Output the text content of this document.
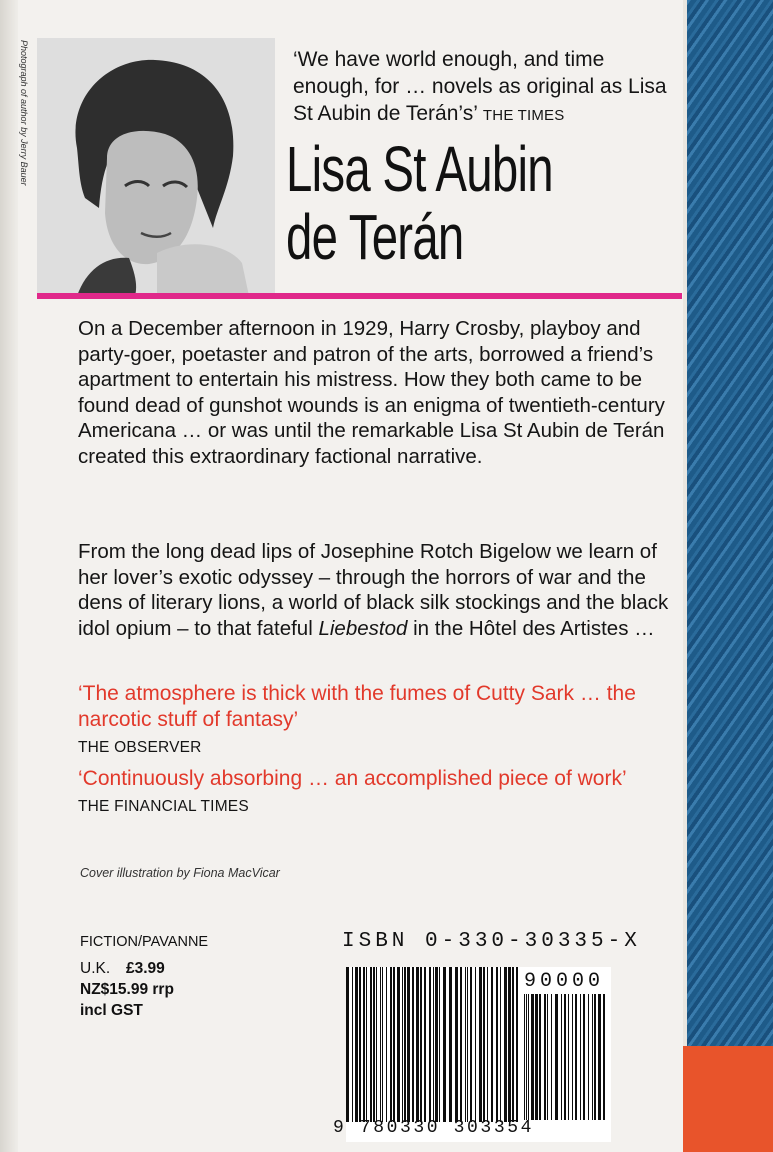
Photograph of author by Jerry Bauer	‘We have world enough, and time enough, for … novels as original as Lisa St Aubin de Terán’s’ THE TIMES
Lisa St Aubin
de Terán
On a December afternoon in 1929, Harry Crosby, playboy and party-goer, poetaster and patron of the arts, borrowed a friend’s apartment to entertain his mistress. How they both came to be found dead of gunshot wounds is an enigma of twentieth-century Americana … or was until the remarkable Lisa St Aubin de Terán created this extraordinary factional narrative.
From the long dead lips of Josephine Rotch Bigelow we learn of her lover’s exotic odyssey – through the horrors of war and the dens of literary lions, a world of black silk stockings and the black idol opium – to that fateful Liebestod in the Hôtel des Artistes …
‘The atmosphere is thick with the fumes of Cutty Sark … the narcotic stuff of fantasy’
THE OBSERVER
‘Continuously absorbing … an accomplished piece of work’
THE FINANCIAL TIMES
Cover illustration by Fiona MacVicar
FICTION/PAVANNE
U.K. £3.99
NZ$15.99 rrp
incl GST
ISBN 0-330-30335-X
90000
9 780330 303354
